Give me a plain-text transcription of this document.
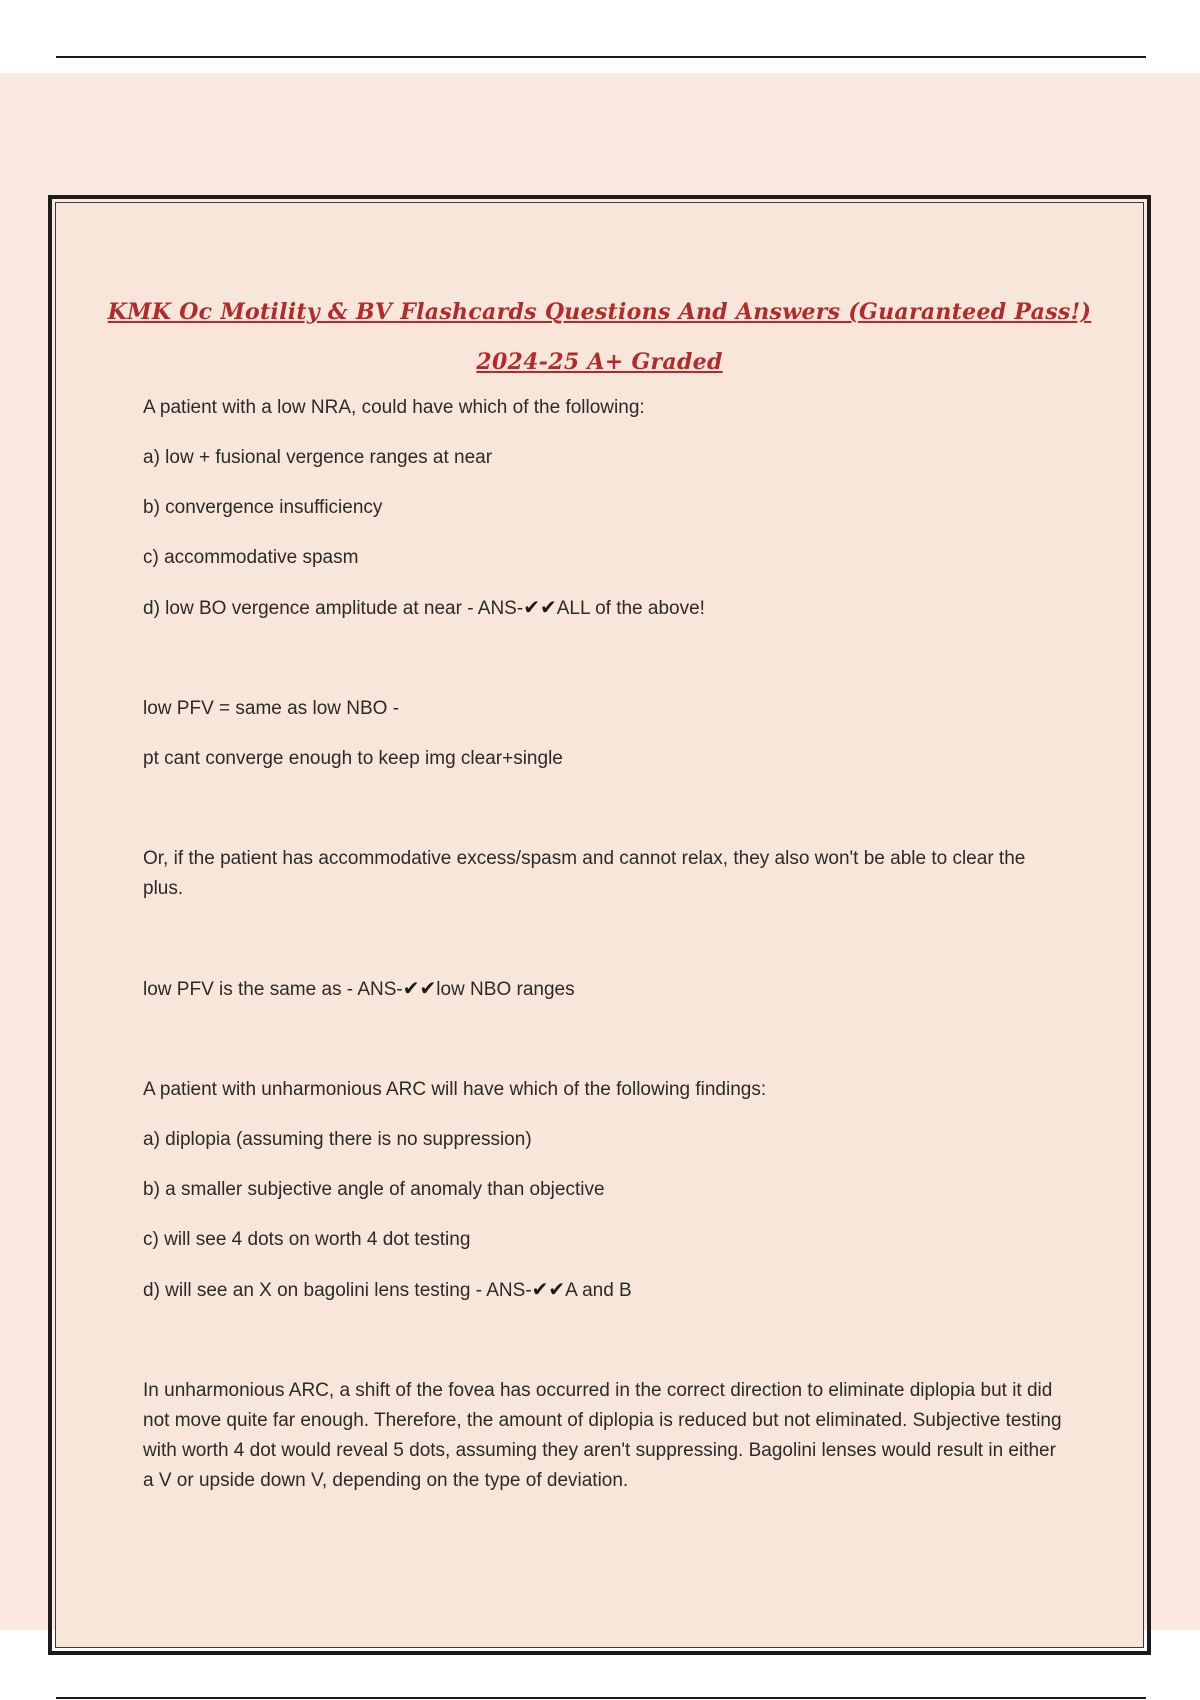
KMK Oc Motility & BV Flashcards Questions And Answers (Guaranteed Pass!)
2024-25 A+ Graded

A patient with a low NRA, could have which of the following:

a) low + fusional vergence ranges at near

b) convergence insufficiency

c) accommodative spasm

d) low BO vergence amplitude at near - ANS-✔✔ALL of the above!

low PFV = same as low NBO -

pt cant converge enough to keep img clear+single

Or, if the patient has accommodative excess/spasm and cannot relax, they also won't be able to clear the plus.

low PFV is the same as - ANS-✔✔low NBO ranges

A patient with unharmonious ARC will have which of the following findings:

a) diplopia (assuming there is no suppression)

b) a smaller subjective angle of anomaly than objective

c) will see 4 dots on worth 4 dot testing

d) will see an X on bagolini lens testing - ANS-✔✔A and B

In unharmonious ARC, a shift of the fovea has occurred in the correct direction to eliminate diplopia but it did not move quite far enough. Therefore, the amount of diplopia is reduced but not eliminated. Subjective testing with worth 4 dot would reveal 5 dots, assuming they aren't suppressing. Bagolini lenses would result in either a V or upside down V, depending on the type of deviation.
